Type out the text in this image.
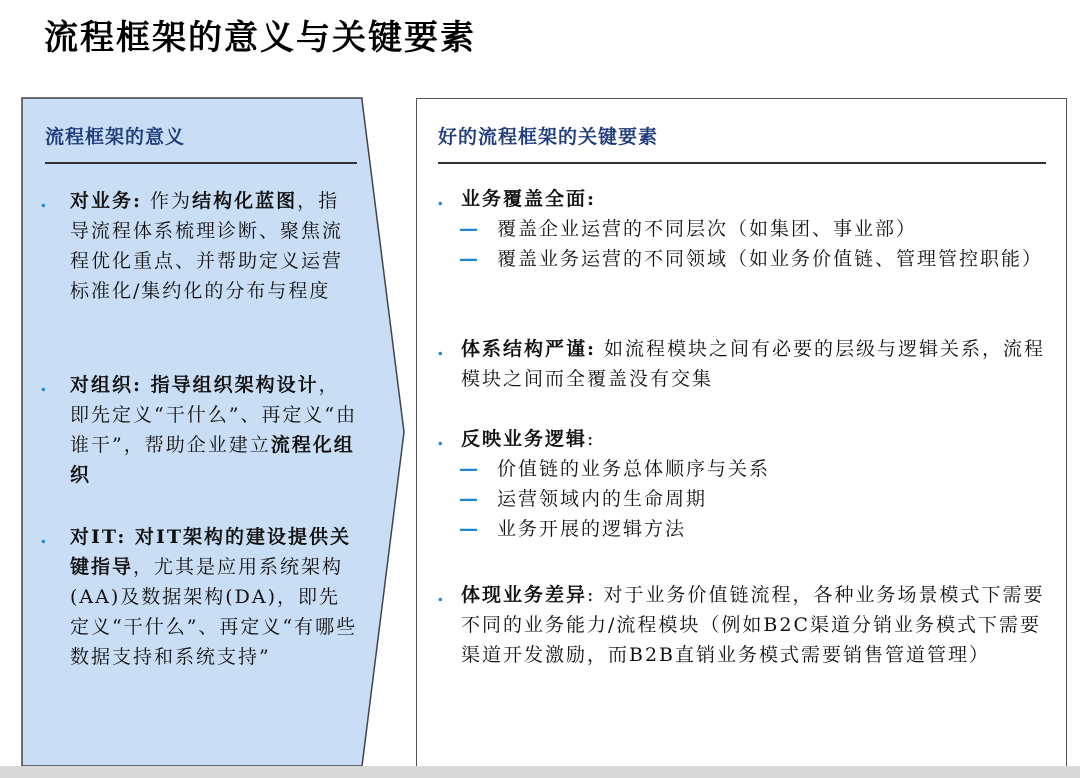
流程框架的意义与关键要素
流程框架的意义
.	对业务: 作为结构化蓝图，指导流程体系梳理诊断、聚焦流程优化重点、并帮助定义运营标准化/集约化的分布与程度
.	对组织: 指导组织架构设计，即先定义“干什么”、再定义“由谁干”，帮助企业建立流程化组织
.	对IT: 对IT架构的建设提供关键指导，尤其是应用系统架构(AA)及数据架构(DA)，即先定义“干什么”、再定义“有哪些数据支持和系统支持”
好的流程框架的关键要素
. 业务覆盖全面:
— 覆盖企业运营的不同层次（如集团、事业部）
— 覆盖业务运营的不同领域（如业务价值链、管理管控职能）
. 体系结构严谨: 如流程模块之间有必要的层级与逻辑关系，流程模块之间而全覆盖没有交集
. 反映业务逻辑:
— 价值链的业务总体顺序与关系
— 运营领域内的生命周期
— 业务开展的逻辑方法
. 体现业务差异: 对于业务价值链流程，各种业务场景模式下需要不同的业务能力/流程模块（例如B2C渠道分销业务模式下需要渠道开发激励，而B2B直销业务模式需要销售管道管理）
